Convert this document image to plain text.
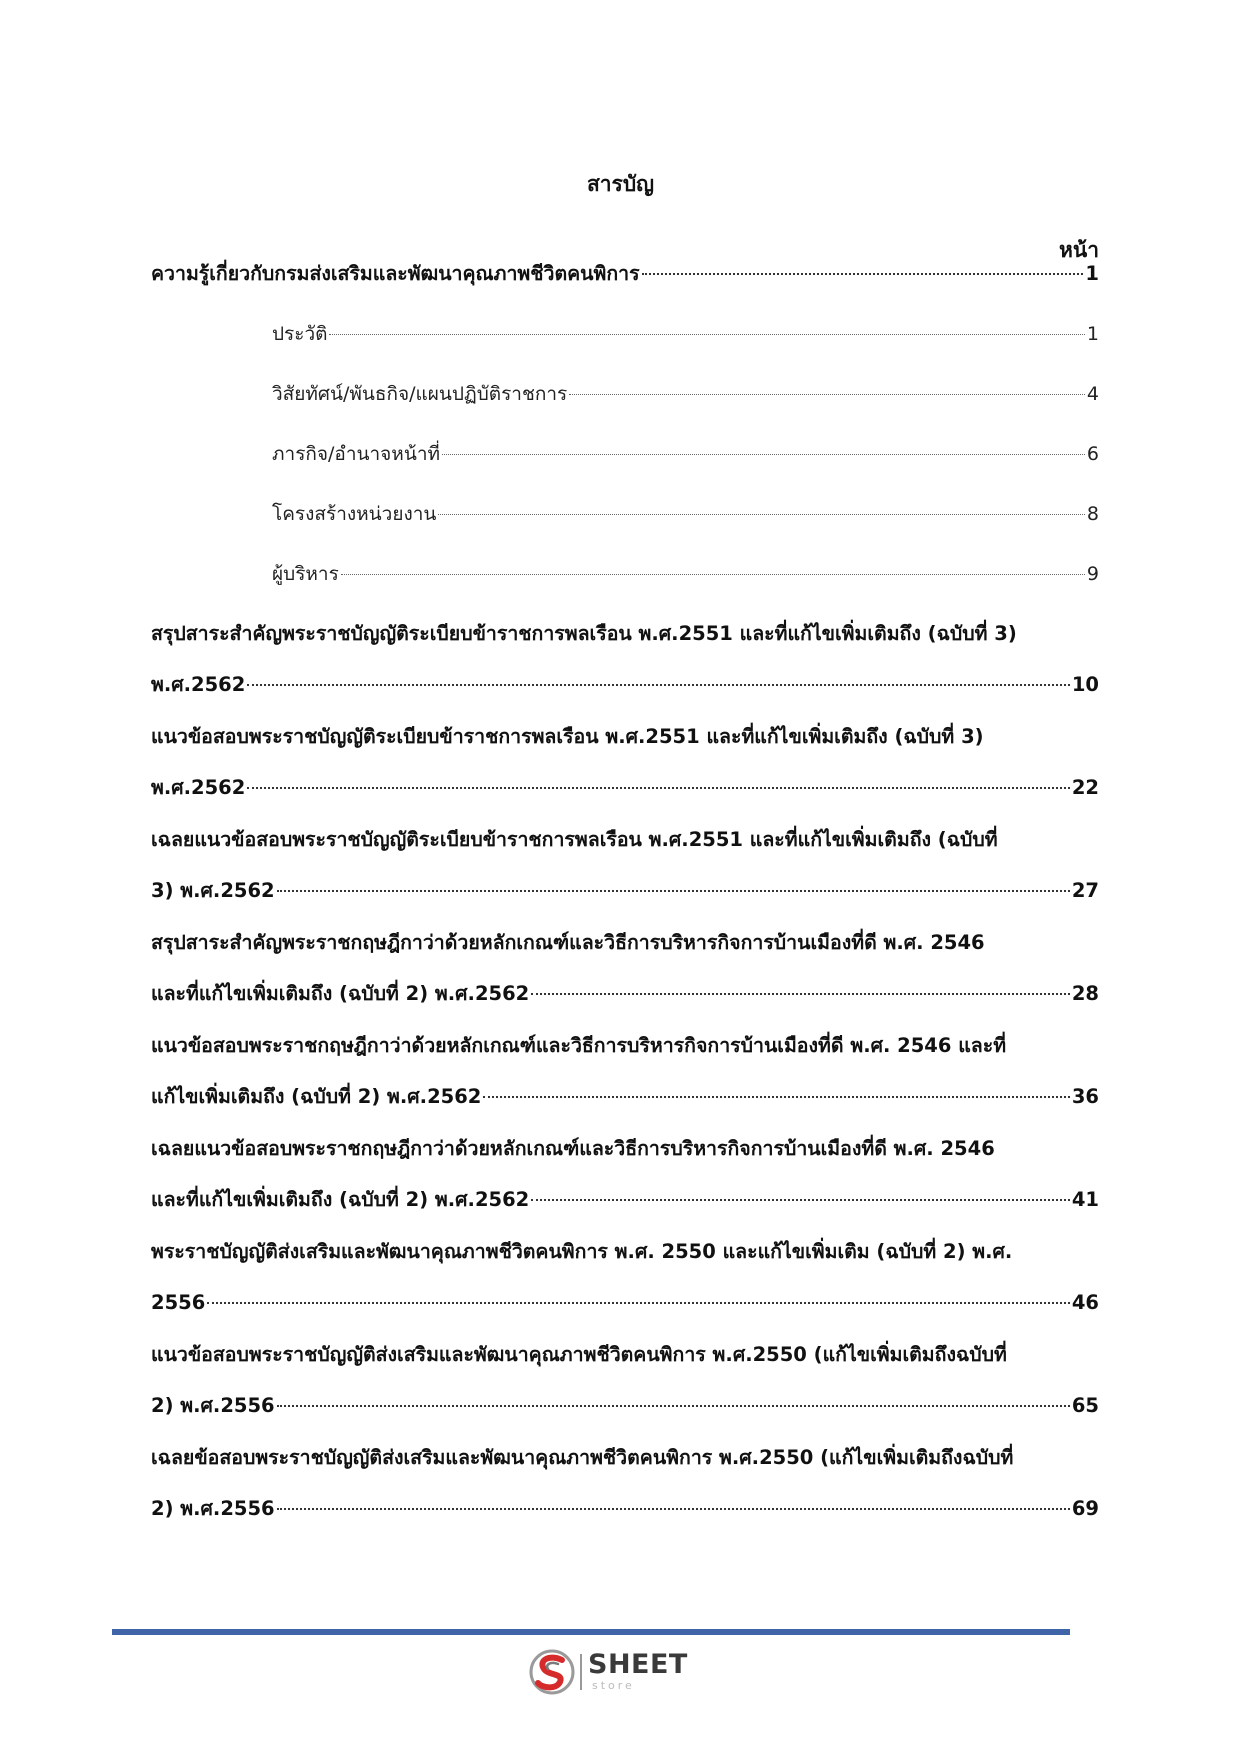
สารบัญ
หน้า
ความรู้เกี่ยวกับกรมส่งเสริมและพัฒนาคุณภาพชีวิตคนพิการ	1
ประวัติ	1
วิสัยทัศน์/พันธกิจ/แผนปฏิบัติราชการ	4
ภารกิจ/อำนาจหน้าที่	6
โครงสร้างหน่วยงาน	8
ผู้บริหาร	9
สรุปสาระสำคัญพระราชบัญญัติระเบียบข้าราชการพลเรือน พ.ศ.2551 และที่แก้ไขเพิ่มเติมถึง (ฉบับที่ 3)
พ.ศ.2562	10
แนวข้อสอบพระราชบัญญัติระเบียบข้าราชการพลเรือน พ.ศ.2551 และที่แก้ไขเพิ่มเติมถึง (ฉบับที่ 3)
พ.ศ.2562	22
เฉลยแนวข้อสอบพระราชบัญญัติระเบียบข้าราชการพลเรือน พ.ศ.2551 และที่แก้ไขเพิ่มเติมถึง (ฉบับที่
3) พ.ศ.2562	27
สรุปสาระสำคัญพระราชกฤษฎีกาว่าด้วยหลักเกณฑ์และวิธีการบริหารกิจการบ้านเมืองที่ดี พ.ศ. 2546
และที่แก้ไขเพิ่มเติมถึง (ฉบับที่ 2) พ.ศ.2562	28
แนวข้อสอบพระราชกฤษฎีกาว่าด้วยหลักเกณฑ์และวิธีการบริหารกิจการบ้านเมืองที่ดี พ.ศ. 2546 และที่
แก้ไขเพิ่มเติมถึง (ฉบับที่ 2) พ.ศ.2562	36
เฉลยแนวข้อสอบพระราชกฤษฎีกาว่าด้วยหลักเกณฑ์และวิธีการบริหารกิจการบ้านเมืองที่ดี พ.ศ. 2546
และที่แก้ไขเพิ่มเติมถึง (ฉบับที่ 2) พ.ศ.2562	41
พระราชบัญญัติส่งเสริมและพัฒนาคุณภาพชีวิตคนพิการ พ.ศ. 2550 และแก้ไขเพิ่มเติม (ฉบับที่ 2) พ.ศ.
2556	46
แนวข้อสอบพระราชบัญญัติส่งเสริมและพัฒนาคุณภาพชีวิตคนพิการ พ.ศ.2550 (แก้ไขเพิ่มเติมถึงฉบับที่
2) พ.ศ.2556	65
เฉลยข้อสอบพระราชบัญญัติส่งเสริมและพัฒนาคุณภาพชีวิตคนพิการ พ.ศ.2550 (แก้ไขเพิ่มเติมถึงฉบับที่
2) พ.ศ.2556	69
SHEET
store
